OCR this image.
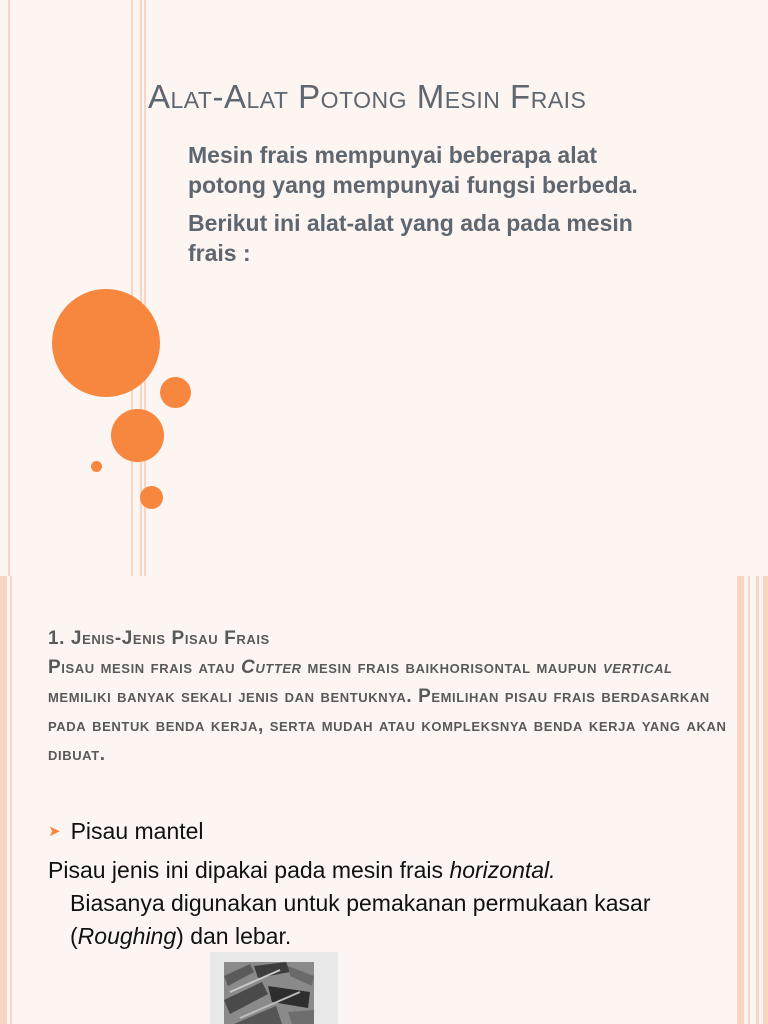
Alat-Alat Potong Mesin Frais

Mesin frais mempunyai beberapa alat potong yang mempunyai fungsi berbeda.

Berikut ini alat-alat yang ada pada mesin frais :

1. Jenis-Jenis Pisau Frais

Pisau mesin frais atau Cutter mesin frais baikhorisontal maupun vertical memiliki banyak sekali jenis dan bentuknya. Pemilihan pisau frais berdasarkan pada bentuk benda kerja, serta mudah atau kompleksnya benda kerja yang akan dibuat.

➤ Pisau mantel
Pisau jenis ini dipakai pada mesin frais horizontal.
Biasanya digunakan untuk pemakanan permukaan kasar
(Roughing) dan lebar.
